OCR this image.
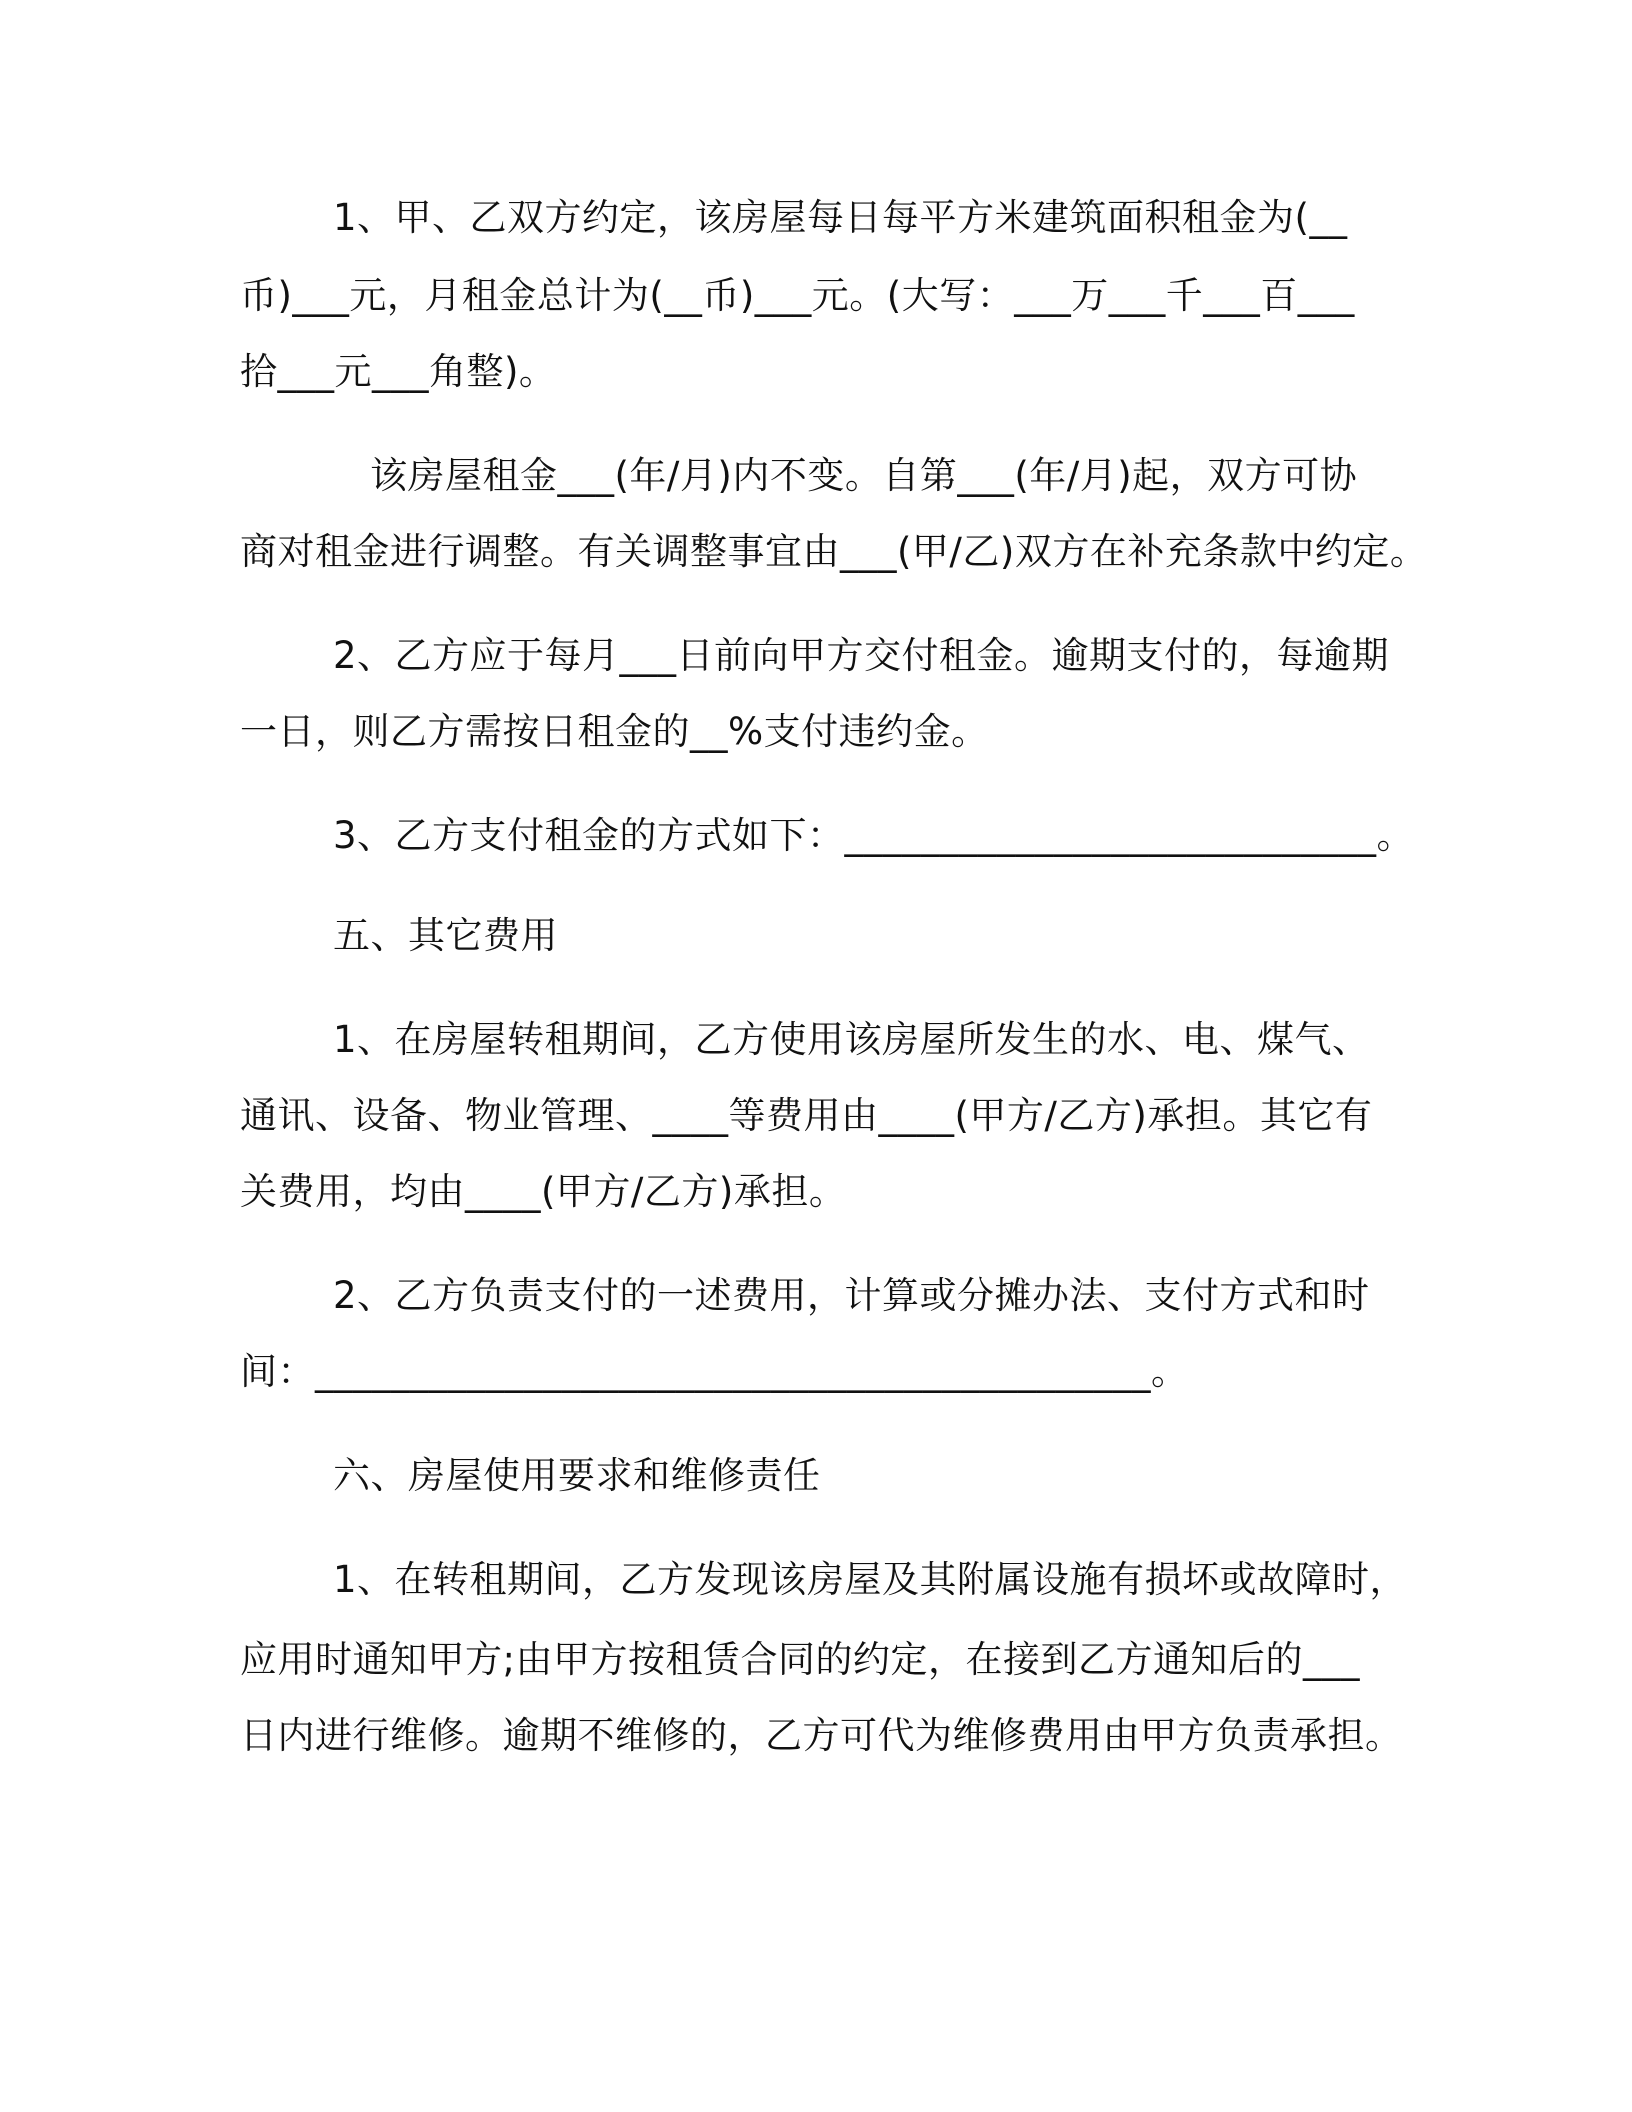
1、甲、乙双方约定，该房屋每日每平方米建筑面积租金为(__
币)___元，月租金总计为(__币)___元。(大写：___万___千___百___
拾___元___角整)。
该房屋租金___(年/月)内不变。自第___(年/月)起，双方可协
商对租金进行调整。有关调整事宜由___(甲/乙)双方在补充条款中约定。
2、乙方应于每月___日前向甲方交付租金。逾期支付的，每逾期
一日，则乙方需按日租金的__%支付违约金。
3、乙方支付租金的方式如下：____________________________。
五、其它费用
1、在房屋转租期间，乙方使用该房屋所发生的水、电、煤气、
通讯、设备、物业管理、____等费用由____(甲方/乙方)承担。其它有
关费用，均由____(甲方/乙方)承担。
2、乙方负责支付的一述费用，计算或分摊办法、支付方式和时
间：____________________________________________。
六、房屋使用要求和维修责任
1、在转租期间，乙方发现该房屋及其附属设施有损坏或故障时，
应用时通知甲方;由甲方按租赁合同的约定，在接到乙方通知后的___
日内进行维修。逾期不维修的，乙方可代为维修费用由甲方负责承担。
